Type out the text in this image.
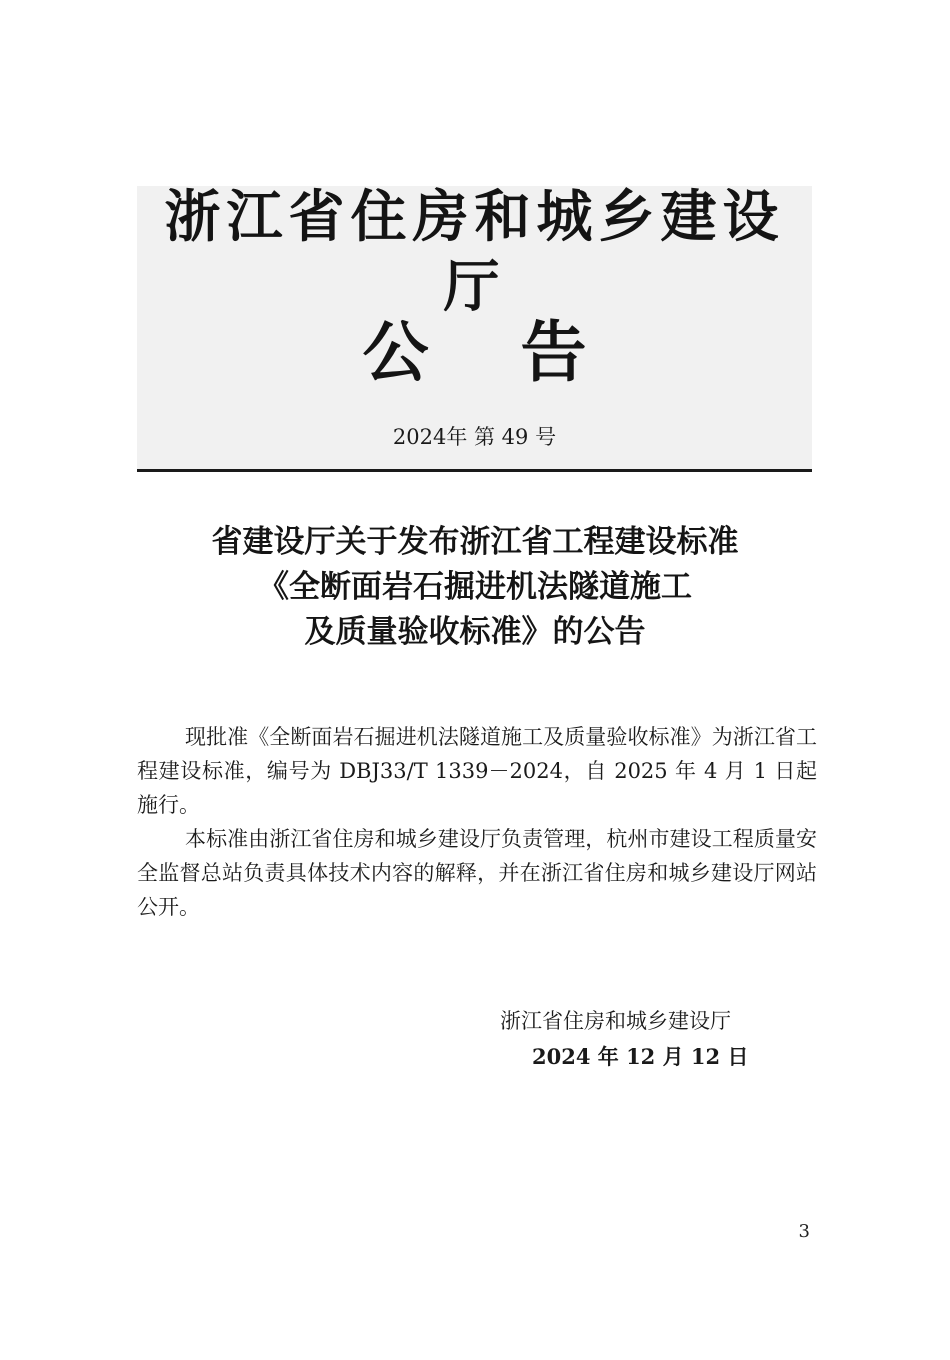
浙江省住房和城乡建设厅
公 告
2024年 第 49 号
省建设厅关于发布浙江省工程建设标准
《全断面岩石掘进机法隧道施工
及质量验收标准》的公告

现批准《全断面岩石掘进机法隧道施工及质量验收标准》为浙江省工程建设标准，编号为 DBJ33/T 1339－2024，自 2025 年 4 月 1 日起施行。

本标准由浙江省住房和城乡建设厅负责管理，杭州市建设工程质量安全监督总站负责具体技术内容的解释，并在浙江省住房和城乡建设厅网站公开。

浙江省住房和城乡建设厅
2024 年 12 月 12 日
3
